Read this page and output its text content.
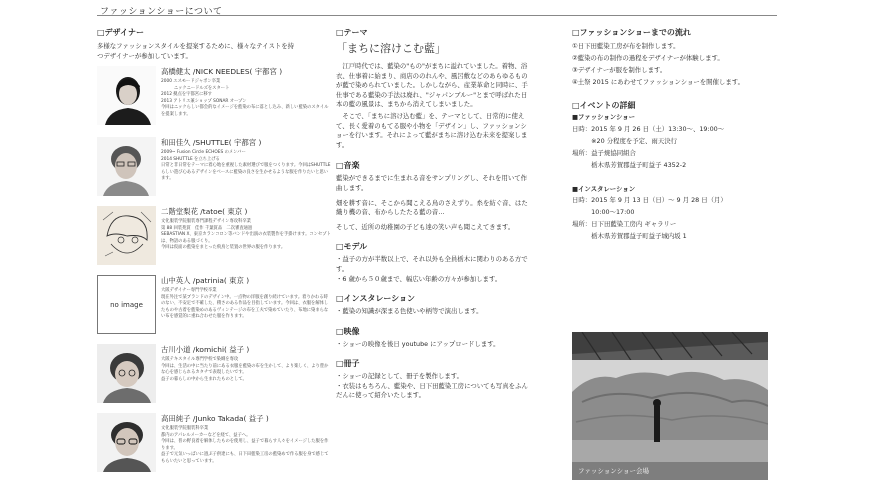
ファッションショーについて

□デザイナー

多様なファッションスタイルを提案するために、様々なテイストを持つデザイナーが参加しています。

高橋健太 /NICK NEEDLES( 宇都宮 )

2000 エスモードジャポン卒業

　　　ニックニードルズをスタート

2012 拠点を宇都宮に移す

2013 アトリエ兼ショップ SONAR オープン

今回はニックらしい都会的なイメージを藍染の布に落とし込み、新しい藍染のスタイルを提案します。

和田佳久 /SHUTTLE( 宇都宮 )

2009~ Fusion Circle ECHOES のメンバー

2014 SHUTTLE を立ち上げる

日常と非日常をテーマに着心地を重視した素材選びで服をつくります。今回はSHUTTLEらしい遊び心あるデザインをベースに藍染の良さを生かせるような服を作りたいと思います。

二階堂梨花 /tatoe( 東京 )

文化服装学院服装専門課程デザイン専攻科卒業

第 88 回装苑賞　佳作 千葉賞品　二次審査通過

SEBASTIAN X、東京カランコロン等バンドや出演の衣装製作を手掛けます。コンセプトは、物語のある服づくり。

今回は仮面の藍染をまとった飛鳥と装置の世界の服を作ります。

no image

山中英人 /patrinia( 東京 )

大阪デザイナー専門学校卒業

現在外注で某ブランドのデザイン中。一点物の洋服を創り続けています。着りかわる時のない、不安定で不確した、積さのある作品を目指しています。今回は、衣服を解体したものや古着を藍染めのあるヴィンテージの布を工夫で染めていたり、布地に染まらない布を感覚的に重ね合わせた服を作ります。

古川小道 /komichi( 益子 )

大阪テキスタイル専門学校で染織を専攻

今回は、生活の中に当たり前にある衣服を藍染の布を生かして、より楽しく、より豊かな心を感じられるカタチで表現したいです。

益子の暮らしの中から生まれたものとして。

高田純子 /Junko Takada( 益子 )

文化服装学院服装科卒業

都内のアパレルメーカーなどを経て、益子へ。

今回は、普の野良着を解体したものを使用し、益子で暮らす人々をイメージした服を作ります。

益子で元気いっぱいに過ぶ子供達にも、日下田藍染工房の藍染めで作る服を身で感じてもらいたいと思っています。

□テーマ

「まちに溶けこむ藍」

江戸時代では、藍染の"もの"がまちに溢れていました。着物、浴衣、仕事着に始まり、商店ののれんや、風呂敷などのあらゆるものが藍で染められていました。しかしながら、産業革命と同時に、手仕事である藍染の手法は廃れ、"ジャパンブルー"とまで呼ばれた日本の藍の風景は、まちから消えてしまいました。

そこで、「まちに溶け込む藍」を、テーマとして、日常的に使えて、長く愛着のもてる服や小物を「デザイン」し、ファッションショーを行います。それによって藍がまちに溶け込む未来を提案します。

□音楽

藍染ができるまでに生まれる音をサンプリングし、それを用いて作曲します。

畑を耕す音に、そこから聞こえる鳥のさえずり。糸を紡ぐ音、はた織り機の音、布からしたたる藍の音…

そして、近所の幼稚園の子ども達の笑い声も聞こえてきます。

□モデル

・益子の方が半数以上で、それ以外も全員栃木に関わりのある方です。

・6 歳から５０歳まで、幅広い年齢の方々が参加します。

□インスタレーション

・藍染の知識が深まる色使いや柄等で演出します。

□映像

・ショーの映像を後日 youtube にアップロードします。

□冊子

・ショーの記録として、冊子を製作します。

・衣装はもちろん、藍染や、日下田藍染工房についても写真をふんだんに使って紹介いたします。

□ファッションショーまでの流れ

①日下田藍染工房が布を制作します。

②藍染の布の制作の過程をデザイナーが体験します。

③デザイナーが服を制作します。

④土祭 2015 にあわせてファッションショーを開催します。

□イベントの詳細

■ファッションショー

日時：2015 年 9 月 26 日（土）13:30～、19:00～

　　　※20 分程度を予定、雨天決行

場所：益子焼協同組合

　　　栃木県芳賀郡益子町益子 4352-2

■インスタレーション

日時：2015 年 9 月 13 日（日）～ 9 月 28 日（月）

　　　10:00～17:00

場所：日下田藍染工房内 ギャラリー

　　　栃木県芳賀郡益子町益子城内坂 1

ファッションショー会場
